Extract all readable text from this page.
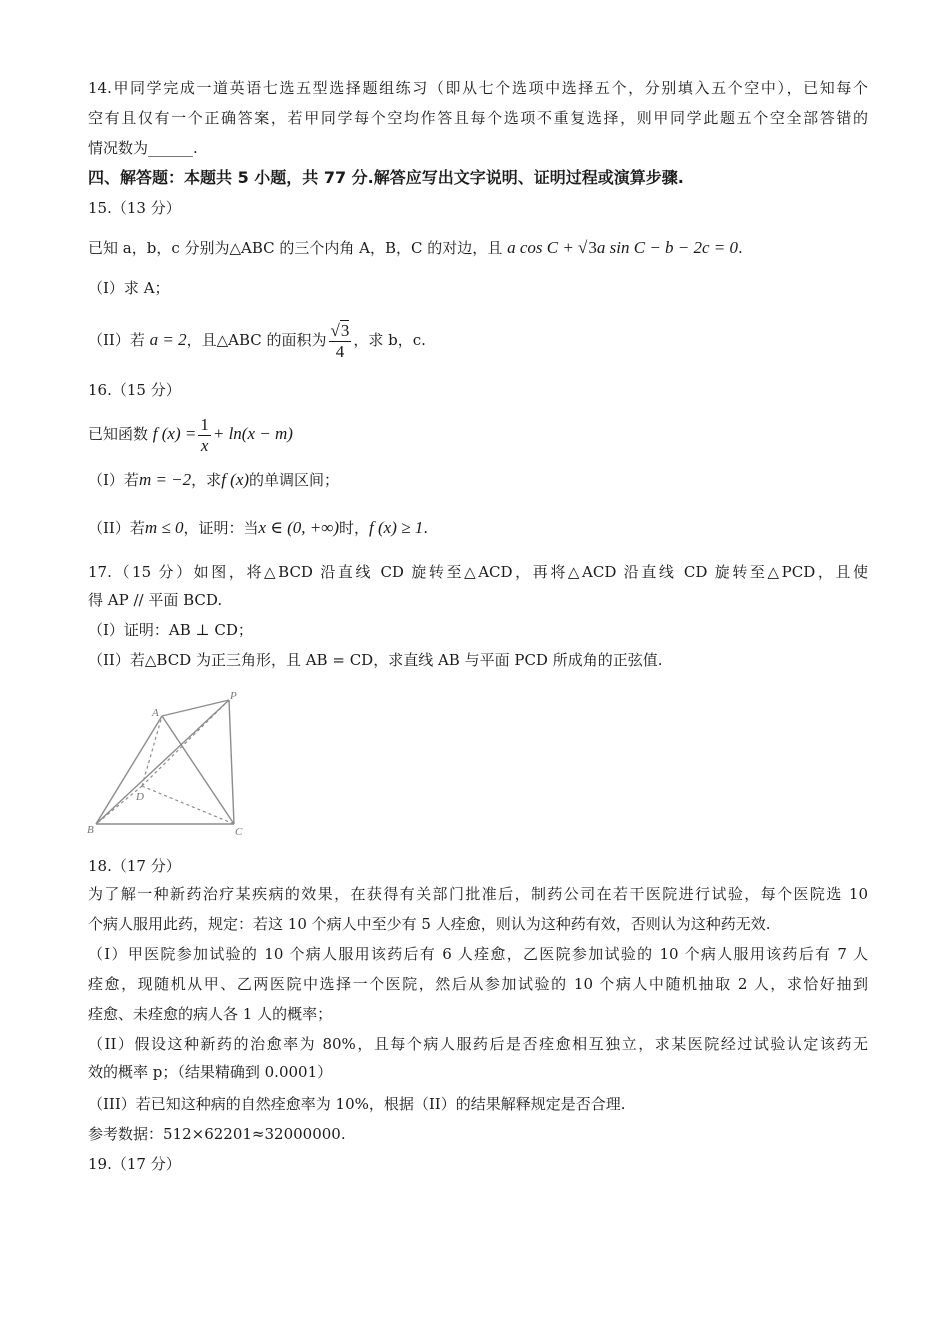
14.甲同学完成一道英语七选五型选择题组练习（即从七个选项中选择五个，分别填入五个空中），已知每个
空有且仅有一个正确答案，若甲同学每个空均作答且每个选项不重复选择，则甲同学此题五个空全部答错的
情况数为______.
四、解答题：本题共 5 小题，共 77 分.解答应写出文字说明、证明过程或演算步骤.
15.（13 分）
已知 a，b，c 分别为△ABC 的三个内角 A，B，C 的对边，且 a cos C + √3a sin C − b − 2c = 0.
（I）求 A；
（II）若 a = 2，且△ABC 的面积为 $\frac{√3}{4}$ ，求 b，c.
16.（15 分）
已知函数 f $(x) = \frac{1}{x} + \ln(x - m)$
（I）若m = −2，求f (x)的单调区间；
（II）若m ≤ 0，证明：当x ∈ (0, +∞)时，f (x) ≥ 1.
17.（15 分）如图，将△BCD 沿直线 CD 旋转至△ACD，再将△ACD 沿直线 CD 旋转至△PCD，且使
得 AP // 平面 BCD.
（I）证明：AB ⊥ CD；
（II）若△BCD 为正三角形，且 AB = CD，求直线 AB 与平面 PCD 所成角的正弦值.
A
P
D
B	C
18.（17 分）
为了解一种新药治疗某疾病的效果，在获得有关部门批准后，制药公司在若干医院进行试验，每个医院选 10
个病人服用此药，规定：若这 10 个病人中至少有 5 人痊愈，则认为这种药有效，否则认为这种药无效.
（I）甲医院参加试验的 10 个病人服用该药后有 6 人痊愈，乙医院参加试验的 10 个病人服用该药后有 7 人
痊愈，现随机从甲、乙两医院中选择一个医院，然后从参加试验的 10 个病人中随机抽取 2 人，求恰好抽到
痊愈、未痊愈的病人各 1 人的概率；
（II）假设这种新药的治愈率为 80%，且每个病人服药后是否痊愈相互独立，求某医院经过试验认定该药无
效的概率 p；（结果精确到 0.0001）
（III）若已知这种病的自然痊愈率为 10%，根据（II）的结果解释规定是否合理.
参考数据：512×62201≈32000000.
19.（17 分）
